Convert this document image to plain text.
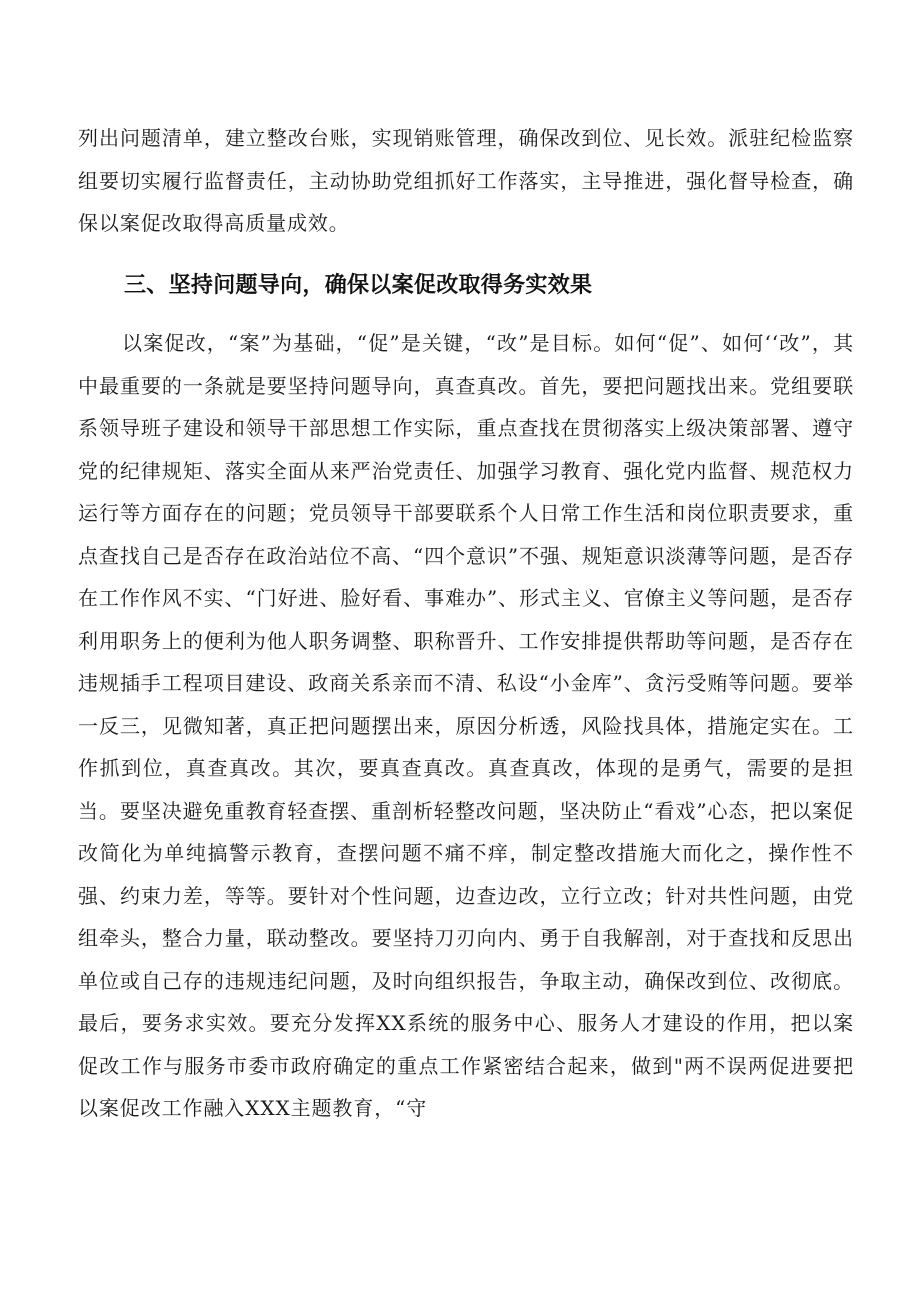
列出问题清单，建立整改台账，实现销账管理，确保改到位、见长效。派驻纪检监察组要切实履行监督责任，主动协助党组抓好工作落实，主导推进，强化督导检查，确保以案促改取得高质量成效。

三、坚持问题导向，确保以案促改取得务实效果

以案促改，“案”为基础，“促”是关键，“改”是目标。如何“促”、如何‘‘改”，其中最重要的一条就是要坚持问题导向，真查真改。首先，要把问题找出来。党组要联系领导班子建设和领导干部思想工作实际，重点查找在贯彻落实上级决策部署、遵守党的纪律规矩、落实全面从来严治党责任、加强学习教育、强化党内监督、规范权力运行等方面存在的问题；党员领导干部要联系个人日常工作生活和岗位职责要求，重点查找自己是否存在政治站位不高、“四个意识”不强、规矩意识淡薄等问题，是否存在工作作风不实、“门好进、脸好看、事难办”、形式主义、官僚主义等问题，是否存利用职务上的便利为他人职务调整、职称晋升、工作安排提供帮助等问题，是否存在违规插手工程项目建设、政商关系亲而不清、私设“小金库”、贪污受贿等问题。要举一反三，见微知著，真正把问题摆出来，原因分析透，风险找具体，措施定实在。工作抓到位，真查真改。其次，要真查真改。真查真改，体现的是勇气，需要的是担当。要坚决避免重教育轻查摆、重剖析轻整改问题，坚决防止“看戏”心态，把以案促改简化为单纯搞警示教育，查摆问题不痛不痒，制定整改措施大而化之，操作性不强、约束力差，等等。要针对个性问题，边查边改，立行立改；针对共性问题，由党组牵头，整合力量，联动整改。要坚持刀刃向内、勇于自我解剖，对于查找和反思出单位或自己存的违规违纪问题，及时向组织报告，争取主动，确保改到位、改彻底。最后，要务求实效。要充分发挥XX系统的服务中心、服务人才建设的作用，把以案促改工作与服务市委市政府确定的重点工作紧密结合起来，做到"两不误两促进要把以案促改工作融入XXX主题教育，“守
